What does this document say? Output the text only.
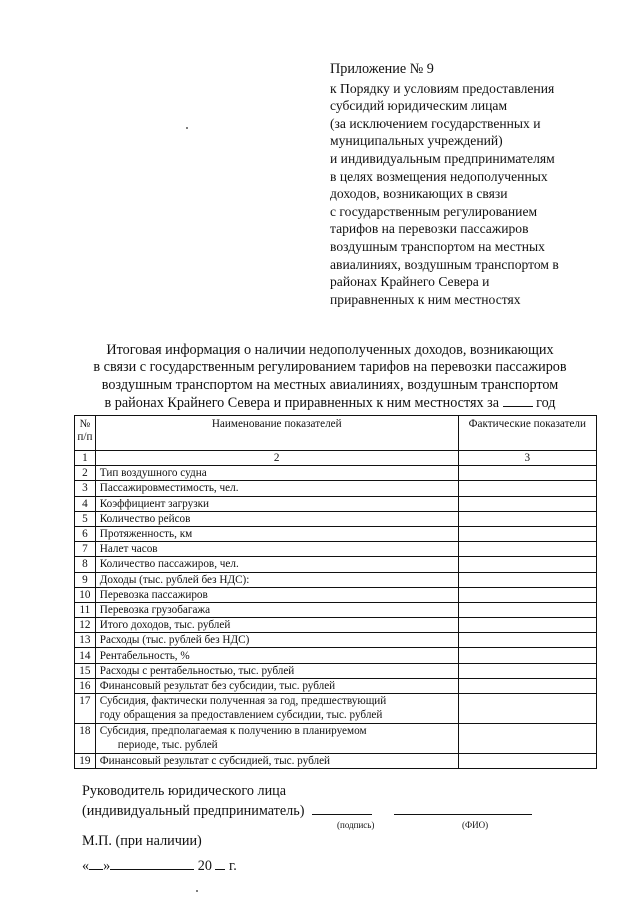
Приложение № 9
к Порядку и условиям предоставления
субсидий юридическим лицам
(за исключением государственных и
муниципальных учреждений)
и индивидуальным предпринимателям
в целях возмещения недополученных
доходов, возникающих в связи
с государственным регулированием
тарифов на перевозки пассажиров
воздушным транспортом на местных
авиалиниях, воздушным транспортом в
районах Крайнего Севера и
приравненных к ним местностях
Итоговая информация о наличии недополученных доходов, возникающих
в связи с государственным регулированием тарифов на перевозки пассажиров
воздушным транспортом на местных авиалиниях, воздушным транспортом
в районах Крайнего Севера и приравненных к ним местностях за	год
№ п/п	Наименование показателей	Фактические показатели
1	2	3
2	Тип воздушного судна	
3	Пассажировместимость, чел.	
4	Коэффициент загрузки	
5	Количество рейсов	
6	Протяженность, км	
7	Налет часов	
8	Количество пассажиров, чел.	
9	Доходы (тыс. рублей без НДС):	
10	Перевозка пассажиров	
11	Перевозка грузобагажа	
12	Итого доходов, тыс. рублей	
13	Расходы (тыс. рублей без НДС)	
14	Рентабельность, %	
15	Расходы с рентабельностью, тыс. рублей	
16	Финансовый результат без субсидии, тыс. рублей	
17	Субсидия, фактически полученная за год, предшествующий
году обращения за предоставлением субсидии, тыс. рублей	
18	Субсидия, предполагаемая к получению в планируемом
периоде, тыс. рублей	
19	Финансовый результат с субсидией, тыс. рублей	
Руководитель юридического лица
(индивидуальный предприниматель)
(подпись)	(ФИО)
М.П. (при наличии)
« »	20 г.
